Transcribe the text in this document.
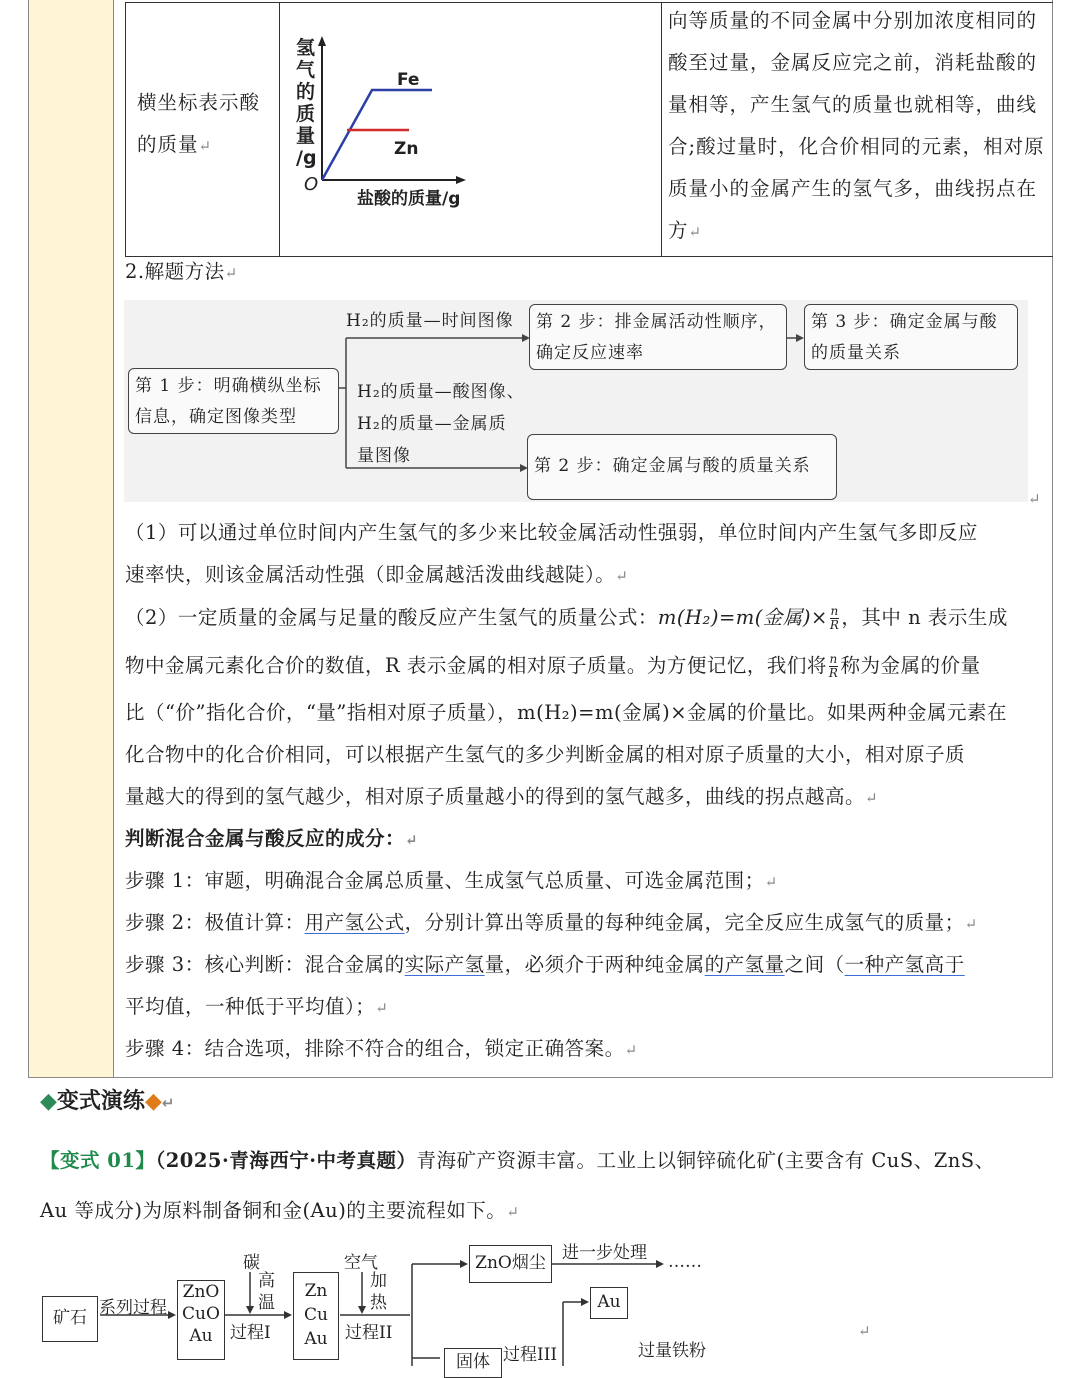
横坐标表示酸的质量↵
氢
气
的
质
量
/g
O
Fe
Zn
盐酸的质量/g
向等质量的不同金属中分别加浓度相同的
酸至过量，金属反应完之前，消耗盐酸的
量相等，产生氢气的质量也就相等，曲线
合;酸过量时，化合价相同的元素，相对原
质量小的金属产生的氢气多，曲线拐点在
方↵
2.解题方法↵
第 1 步：明确横纵坐标
信息，确定图像类型
H₂的质量—时间图像
H₂的质量—酸图像、
H₂的质量—金属质
量图像
第 2 步：排金属活动性顺序，
确定反应速率
第 3 步：确定金属与酸
的质量关系
第 2 步：确定金属与酸的质量关系
↵
（1）可以通过单位时间内产生氢气的多少来比较金属活动性强弱，单位时间内产生氢气多即反应
速率快，则该金属活动性强（即金属越活泼曲线越陡）。↵
（2）一定质量的金属与足量的酸反应产生氢气的质量公式：m(H₂)=m(金属)× $\frac{n}{R}$ ，其中 n 表示生成
物中金属元素化合价的数值，R 表示金属的相对原子质量。为方便记忆，我们将 $\frac{n}{R}$ 称为金属的价量
比（“价”指化合价，“量”指相对原子质量），m(H₂)=m(金属)×金属的价量比。如果两种金属元素在
化合物中的化合价相同，可以根据产生氢气的多少判断金属的相对原子质量的大小，相对原子质
量越大的得到的氢气越少，相对原子质量越小的得到的氢气越多，曲线的拐点越高。↵
判断混合金属与酸反应的成分：↵
步骤 1：审题，明确混合金属总质量、生成氢气总质量、可选金属范围；↵
步骤 2：极值计算：用产氢公式，分别计算出等质量的每种纯金属，完全反应生成氢气的质量；↵
步骤 3：核心判断：混合金属的实际产氢量，必须介于两种纯金属的产氢量之间（一种产氢高于
平均值，一种低于平均值）；↵
步骤 4：结合选项，排除不符合的组合，锁定正确答案。↵
◆变式演练◆↵
【变式 01】（2025·青海西宁·中考真题）青海矿产资源丰富。工业上以铜锌硫化矿(主要含有 CuS、ZnS、
Au 等成分)为原料制备铜和金(Au)的主要流程如下。↵
矿石 系列过程
ZnO
CuO
Au
碳
高
温
过程I
Zn
Cu
Au
空气
加
热
过程II
ZnO烟尘 进一步处理 ……
Au
固体 过程III	过量铁粉
↵
